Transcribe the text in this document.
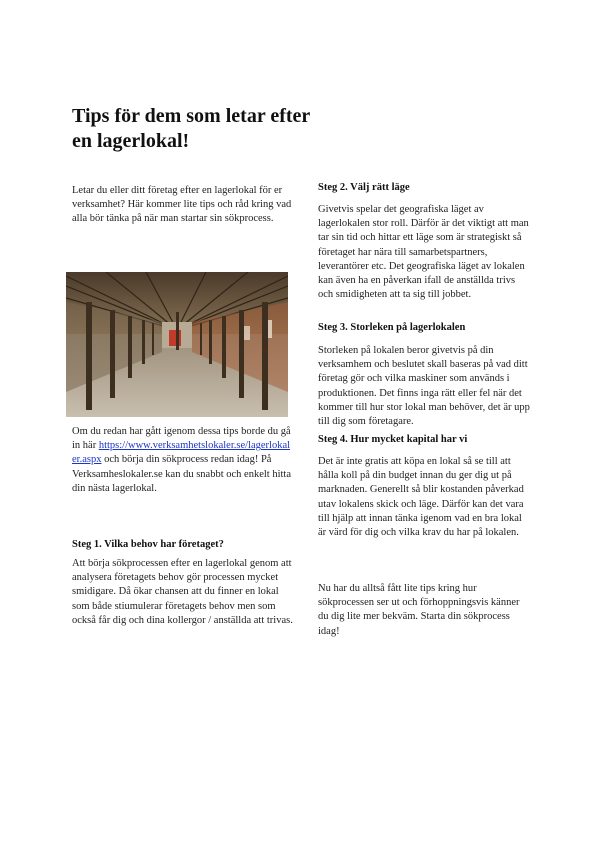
Tips för dem som letar efter en lagerlokal!

Letar du eller ditt företag efter en lagerlokal för er verksamhet? Här kommer lite tips och råd kring vad alla bör tänka på när man startar sin sökprocess.

Om du redan har gått igenom dessa tips borde du gå in här https://www.verksamhetslokaler.se/lagerlokaler.aspx och börja din sökprocess redan idag! På Verksamheslokaler.se kan du snabbt och enkelt hitta din nästa lagerlokal.

Steg 1. Vilka behov har företaget?

Att börja sökprocessen efter en lagerlokal genom att analysera företagets behov gör processen mycket smidigare. Då ökar chansen att du finner en lokal som både stiumulerar företagets behov men som också får dig och dina kollergor / anställda att trivas.

Steg 2. Välj rätt läge

Givetvis spelar det geografiska läget av lagerlokalen stor roll. Därför är det viktigt att man tar sin tid och hittar ett läge som är strategiskt så företaget har nära till samarbetspartners, leverantörer etc. Det geografiska läget av lokalen kan även ha en påverkan ifall de anställda trivs och smidigheten att ta sig till jobbet.

Steg 3. Storleken på lagerlokalen

Storleken på lokalen beror givetvis på din verksamhem och beslutet skall baseras på vad ditt företag gör och vilka maskiner som används i produktionen. Det finns inga rätt eller fel när det kommer till hur stor lokal man behöver, det är upp till dig som företagare.

Steg 4. Hur mycket kapital har vi

Det är inte gratis att köpa en lokal så se till att hålla koll på din budget innan du ger dig ut på marknaden. Generellt så blir kostanden påverkad utav lokalens skick och läge. Därför kan det vara till hjälp att innan tänka igenom vad en bra lokal är värd för dig och vilka krav du har på lokalen.

Nu har du alltså fått lite tips kring hur sökprocessen ser ut och förhoppningsvis känner du dig lite mer bekväm. Starta din sökprocess idag!
